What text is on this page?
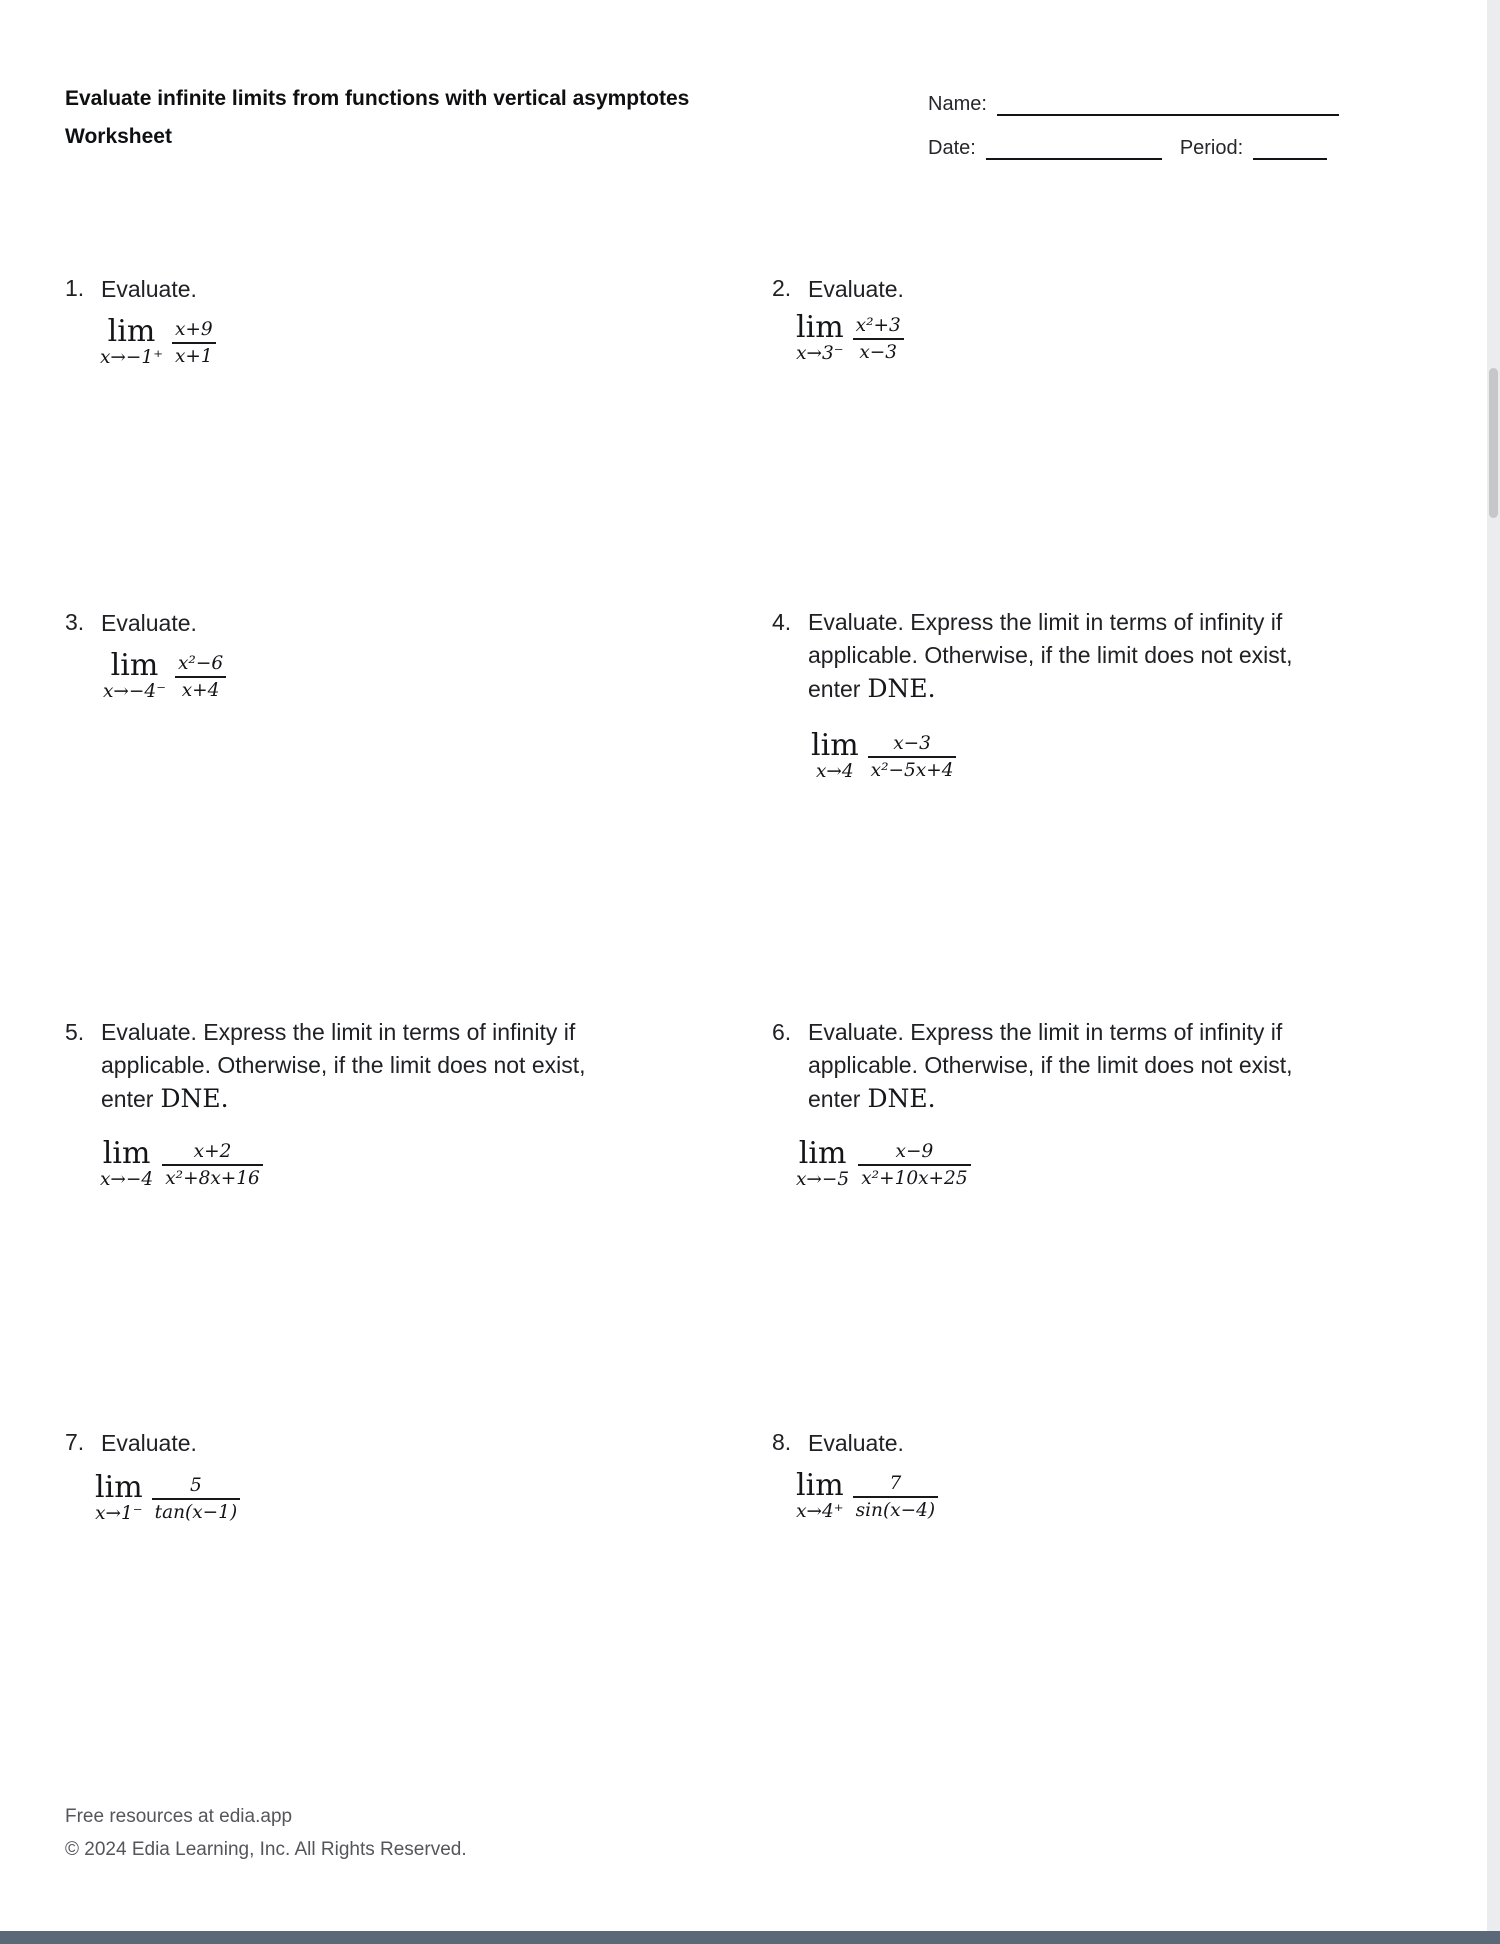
Evaluate infinite limits from functions with vertical asymptotes
Worksheet
Name:
Date:	Period:
1. Evaluate.
lim
$x\to-1^+ \frac{x+9}{x+1}$
2. Evaluate.
lim
$x\to 3^- \frac{\text{x²+3}}{x-3}$
3. Evaluate.
lim
$x\to-4^- \frac{\text{x²−6}}{x+4}$
4. Evaluate. Express the limit in terms of infinity if applicable. Otherwise, if the limit does not exist, enter DNE.
lim
$x\to 4 \frac{x-3}{\text{x²−5x+4}}$
5. Evaluate. Express the limit in terms of infinity if applicable. Otherwise, if the limit does not exist, enter DNE.
lim
$x\to-4 \frac{x+2}{\text{x²+8x+16}}$
6. Evaluate. Express the limit in terms of infinity if applicable. Otherwise, if the limit does not exist, enter DNE.
lim
$x\to-5 \frac{x-9}{\text{x²+10x+25}}$
7. Evaluate.
lim
$x\to 1^- \frac{5}{\tan(x-1)}$
8. Evaluate.
lim
$x\to 4^+ \frac{7}{\sin(x-4)}$
Free resources at edia.app
© 2024 Edia Learning, Inc. All Rights Reserved.
